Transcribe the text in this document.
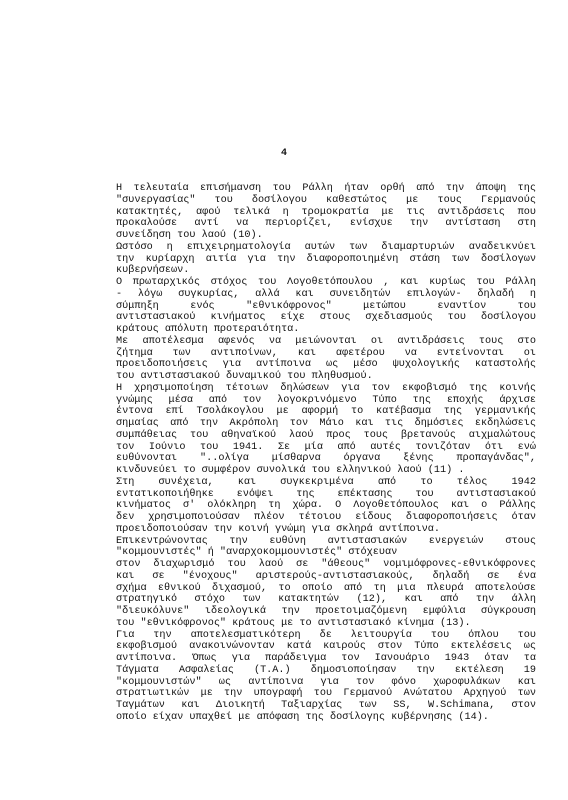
4
Η τελευταία επισήμανση του Ράλλη ήταν ορθή από την άποψη της
"συνεργασίας" του δοσίλογου καθεστώτος με τους Γερμανούς
κατακτητές, αφού τελικά η τρομοκρατία με τις αντιδράσεις που
προκαλούσε αντί να περιορίζει, ενίσχυε την αντίσταση στη
συνείδηση του λαού (10).
Ωστόσο η επιχειρηματολογία αυτών των διαμαρτυριών αναδεικνύει
την κυρίαρχη αιτία για την διαφοροποιημένη στάση των δοσίλογων
κυβερνήσεων.
Ο πρωταρχικός στόχος του Λογοθετόπουλου , και κυρίως του Ράλλη
- λόγω συγκυρίας, αλλά και συνειδητών επιλογών- δηλαδή η
σύμπηξη ενός "εθνικόφρονος" μετώπου εναντίον του
αντιστασιακού κινήματος είχε στους σχεδιασμούς του δοσίλογου
κράτους απόλυτη προτεραιότητα.
Με αποτέλεσμα αφενός να μειώνονται οι αντιδράσεις τους στο
ζήτημα των αντιποίνων, και αφετέρου να εντείνονται οι
προειδοποιήσεις για αντίποινα ως μέσο ψυχολογικής καταστολής
του αντιστασιακού δυναμικού του πληθυσμού.
Η χρησιμοποίηση τέτοιων δηλώσεων για τον εκφοβισμό της κοινής
γνώμης μέσα από τον λογοκρινόμενο Τύπο της εποχής άρχισε
έντονα επί Τσολάκογλου με αφορμή το κατέβασμα της γερμανικής
σημαίας από την Ακρόπολη τον Μάιο και τις δημόσιες εκδηλώσεις
συμπάθειας του αθηναϊκού λαού προς τους βρετανούς αιχμαλώτους
τον Ιούνιο του 1941. Σε μία από αυτές τονιζόταν ότι ενώ
ευθύνονται "..ολίγα μίσθαρνα όργανα ξένης προπαγάνδας",
κινδυνεύει το συμφέρον συνολικά του ελληνικού λαού (11) .
Στη συνέχεια, και συγκεκριμένα από το τέλος 1942
εντατικοποιήθηκε ενόψει της επέκτασης του αντιστασιακού
κινήματος σ' ολόκληρη τη χώρα. Ο Λογοθετόπουλος και ο Ράλλης
δεν χρησιμοποιούσαν πλέον τέτοιου είδους διαφοροποιήσεις όταν
προειδοποιούσαν την κοινή γνώμη για σκληρά αντίποινα.
Επικεντρώνοντας την ευθύνη αντιστασιακών ενεργειών στους
"κομμουνιστές" ή "αναρχοκομμουνιστές" στόχευαν
στον διαχωρισμό του λαού σε "άθεους" νομιμόφρονες-εθνικόφρονες
και σε "ένοχους" αριστερούς-αντιστασιακούς, δηλαδή σε ένα
σχήμα εθνικού διχασμού, το οποίο από τη μια πλευρά αποτελούσε
στρατηγικό στόχο των κατακτητών (12), και από την άλλη
"διευκόλυνε" ιδεολογικά την προετοιμαζόμενη εμφύλια σύγκρουση
του "εθνικόφρονος" κράτους με το αντιστασιακό κίνημα (13).
Για την αποτελεσματικότερη δε λειτουργία του όπλου του
εκφοβισμού ανακοινώνονταν κατά καιρούς στον Τύπο εκτελέσεις ως
αντίποινα. Όπως για παράδειγμα τον Ιανουάριο 1943 όταν τα
Τάγματα Ασφαλείας (Τ.Α.) δημοσιοποίησαν την εκτέλεση 19
"κομμουνιστών" ως αντίποινα για τον φόνο χωροφυλάκων και
στρατιωτικών με την υπογραφή του Γερμανού Ανώτατου Αρχηγού των
Ταγμάτων και Διοικητή Ταξιαρχίας των SS, W.Schimana, στον
οποίο είχαν υπαχθεί με απόφαση της δοσίλογης κυβέρνησης (14).
